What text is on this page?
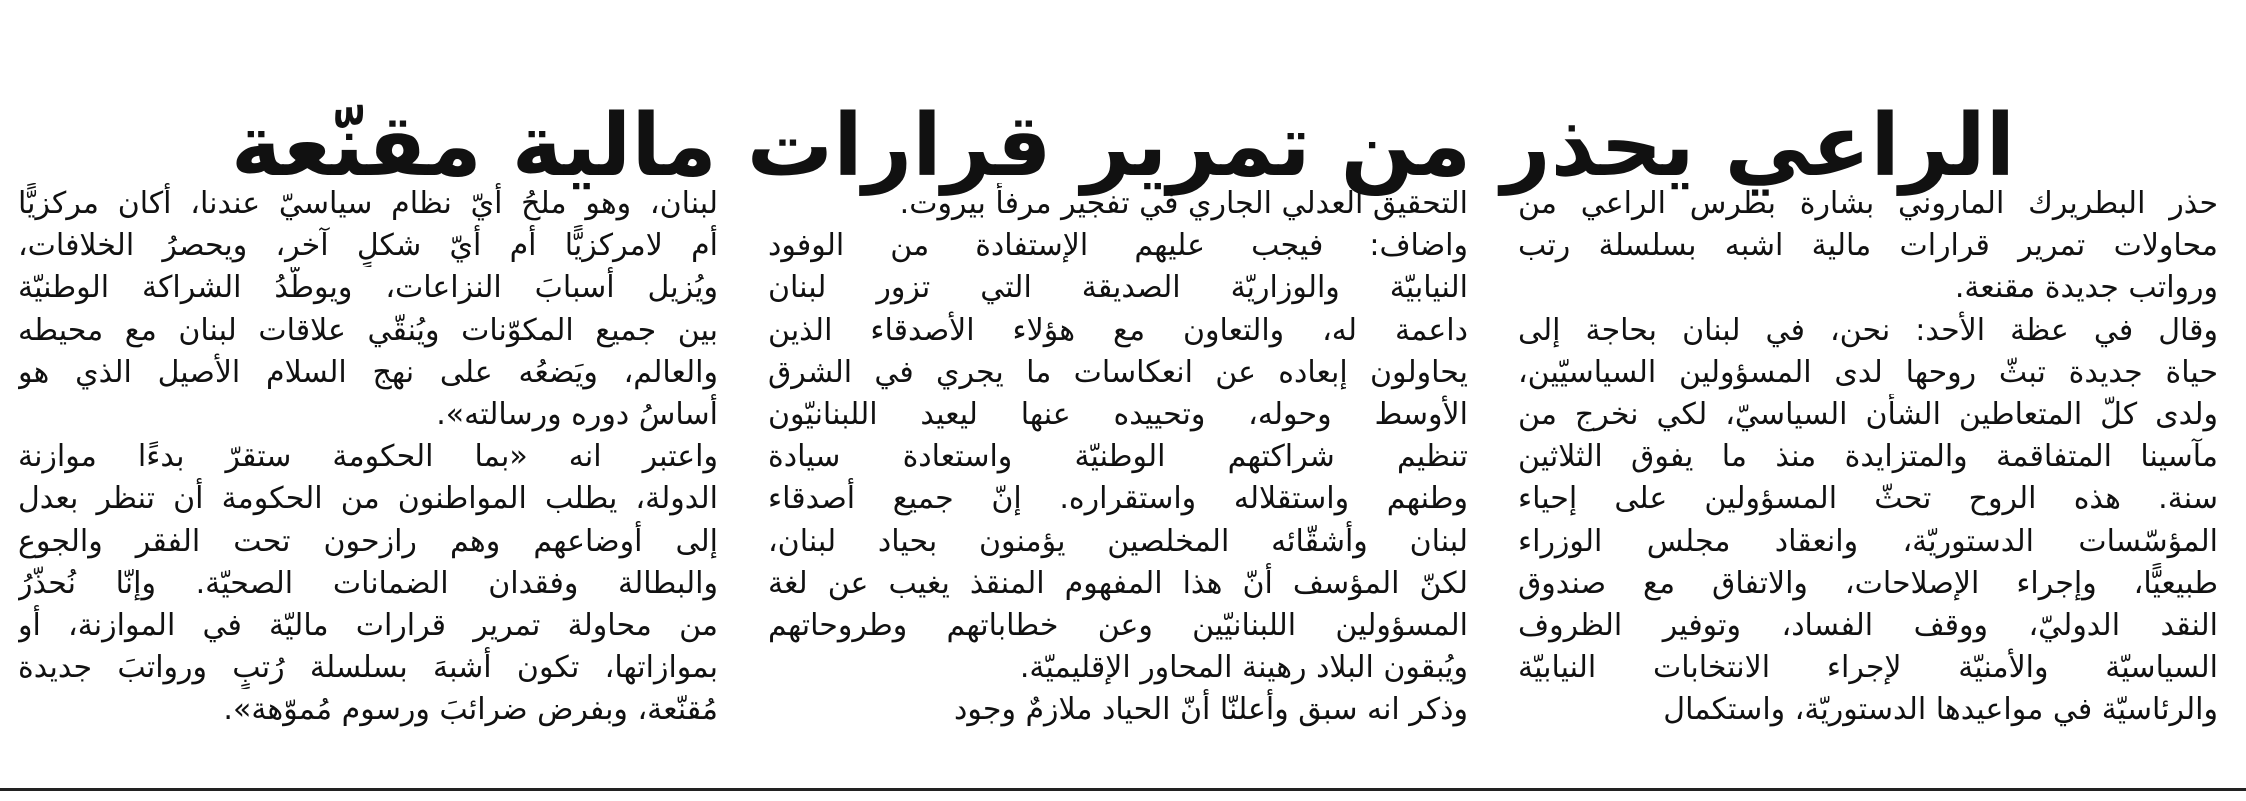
الراعي يحذر من تمرير قرارات مالية مقنّعة
حذر البطريرك الماروني بشارة بطرس الراعي من
محاولات تمرير قرارات مالية اشبه بسلسلة رتب
ورواتب جديدة مقنعة.
وقال في عظة الأحد: نحن، في لبنان بحاجة إلى
حياة جديدة تبثّ روحها لدى المسؤولين السياسيّين،
ولدى كلّ المتعاطين الشأن السياسيّ، لكي نخرج من
مآسينا المتفاقمة والمتزايدة منذ ما يفوق الثلاثين
سنة. هذه الروح تحثّ المسؤولين على إحياء
المؤسّسات الدستوريّة، وانعقاد مجلس الوزراء
طبيعيًّا، وإجراء الإصلاحات، والاتفاق مع صندوق
النقد الدوليّ، ووقف الفساد، وتوفير الظروف
السياسيّة والأمنيّة لإجراء الانتخابات النيابيّة
والرئاسيّة في مواعيدها الدستوريّة، واستكمال
التحقيق العدلي الجاري في تفجير مرفأ بيروت.
واضاف: فيجب عليهم الإستفادة من الوفود
النيابيّة والوزاريّة الصديقة التي تزور لبنان
داعمة له، والتعاون مع هؤلاء الأصدقاء الذين
يحاولون إبعاده عن انعكاسات ما يجري في الشرق
الأوسط وحوله، وتحييده عنها ليعيد اللبنانيّون
تنظيم شراكتهم الوطنيّة واستعادة سيادة
وطنهم واستقلاله واستقراره. إنّ جميع أصدقاء
لبنان وأشقّائه المخلصين يؤمنون بحياد لبنان،
لكنّ المؤسف أنّ هذا المفهوم المنقذ يغيب عن لغة
المسؤولين اللبنانيّين وعن خطاباتهم وطروحاتهم
ويُبقون البلاد رهينة المحاور الإقليميّة.
وذكر انه سبق وأعلنّا أنّ الحياد ملازمٌ وجود
لبنان، وهو ملحُ أيّ نظام سياسيّ عندنا، أكان مركزيًّا
أم لامركزيًّا أم أيّ شكلٍ آخر، ويحصرُ الخلافات،
ويُزيل أسبابَ النزاعات، ويوطّدُ الشراكة الوطنيّة
بين جميع المكوّنات ويُنقّي علاقات لبنان مع محيطه
والعالم، ويَضعُه على نهج السلام الأصيل الذي هو
أساسُ دوره ورسالته».
واعتبر انه «بما الحكومة ستقرّ بدءًا موازنة
الدولة، يطلب المواطنون من الحكومة أن تنظر بعدل
إلى أوضاعهم وهم رازحون تحت الفقر والجوع
والبطالة وفقدان الضمانات الصحيّة. وإنّا نُحذّرُ
من محاولة تمرير قرارات ماليّة في الموازنة، أو
بموازاتها، تكون أشبهَ بسلسلة رُتبٍ ورواتبَ جديدة
مُقنّعة، وبفرض ضرائبَ ورسوم مُموّهة».
